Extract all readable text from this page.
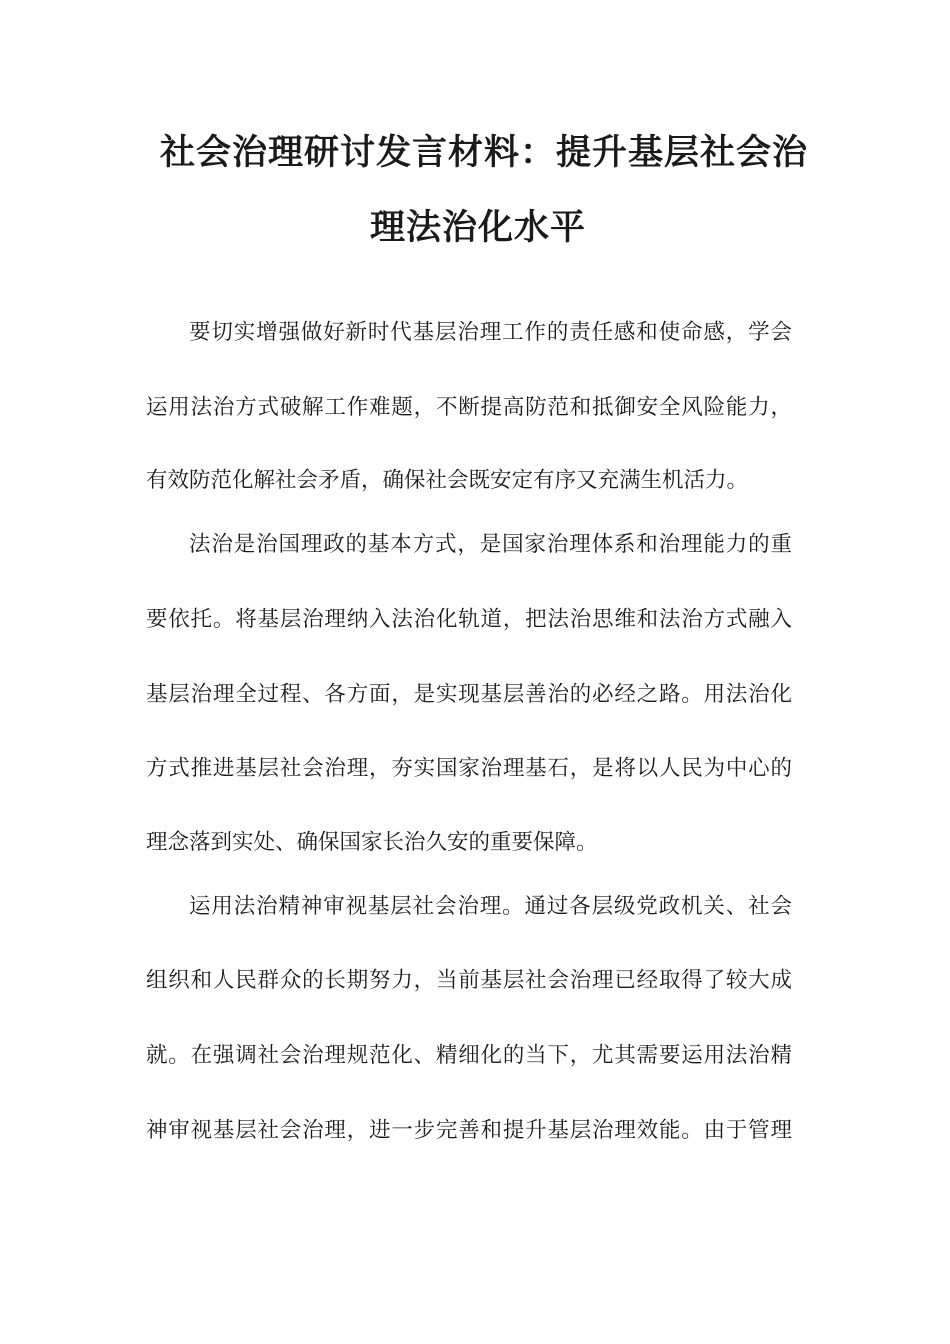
社会治理研讨发言材料：提升基层社会治
理法治化水平
要切实增强做好新时代基层治理工作的责任感和使命感，学会
运用法治方式破解工作难题，不断提高防范和抵御安全风险能力，
有效防范化解社会矛盾，确保社会既安定有序又充满生机活力。
法治是治国理政的基本方式，是国家治理体系和治理能力的重
要依托。将基层治理纳入法治化轨道，把法治思维和法治方式融入
基层治理全过程、各方面，是实现基层善治的必经之路。用法治化
方式推进基层社会治理，夯实国家治理基石，是将以人民为中心的
理念落到实处、确保国家长治久安的重要保障。
运用法治精神审视基层社会治理。通过各层级党政机关、社会
组织和人民群众的长期努力，当前基层社会治理已经取得了较大成
就。在强调社会治理规范化、精细化的当下，尤其需要运用法治精
神审视基层社会治理，进一步完善和提升基层治理效能。由于管理
